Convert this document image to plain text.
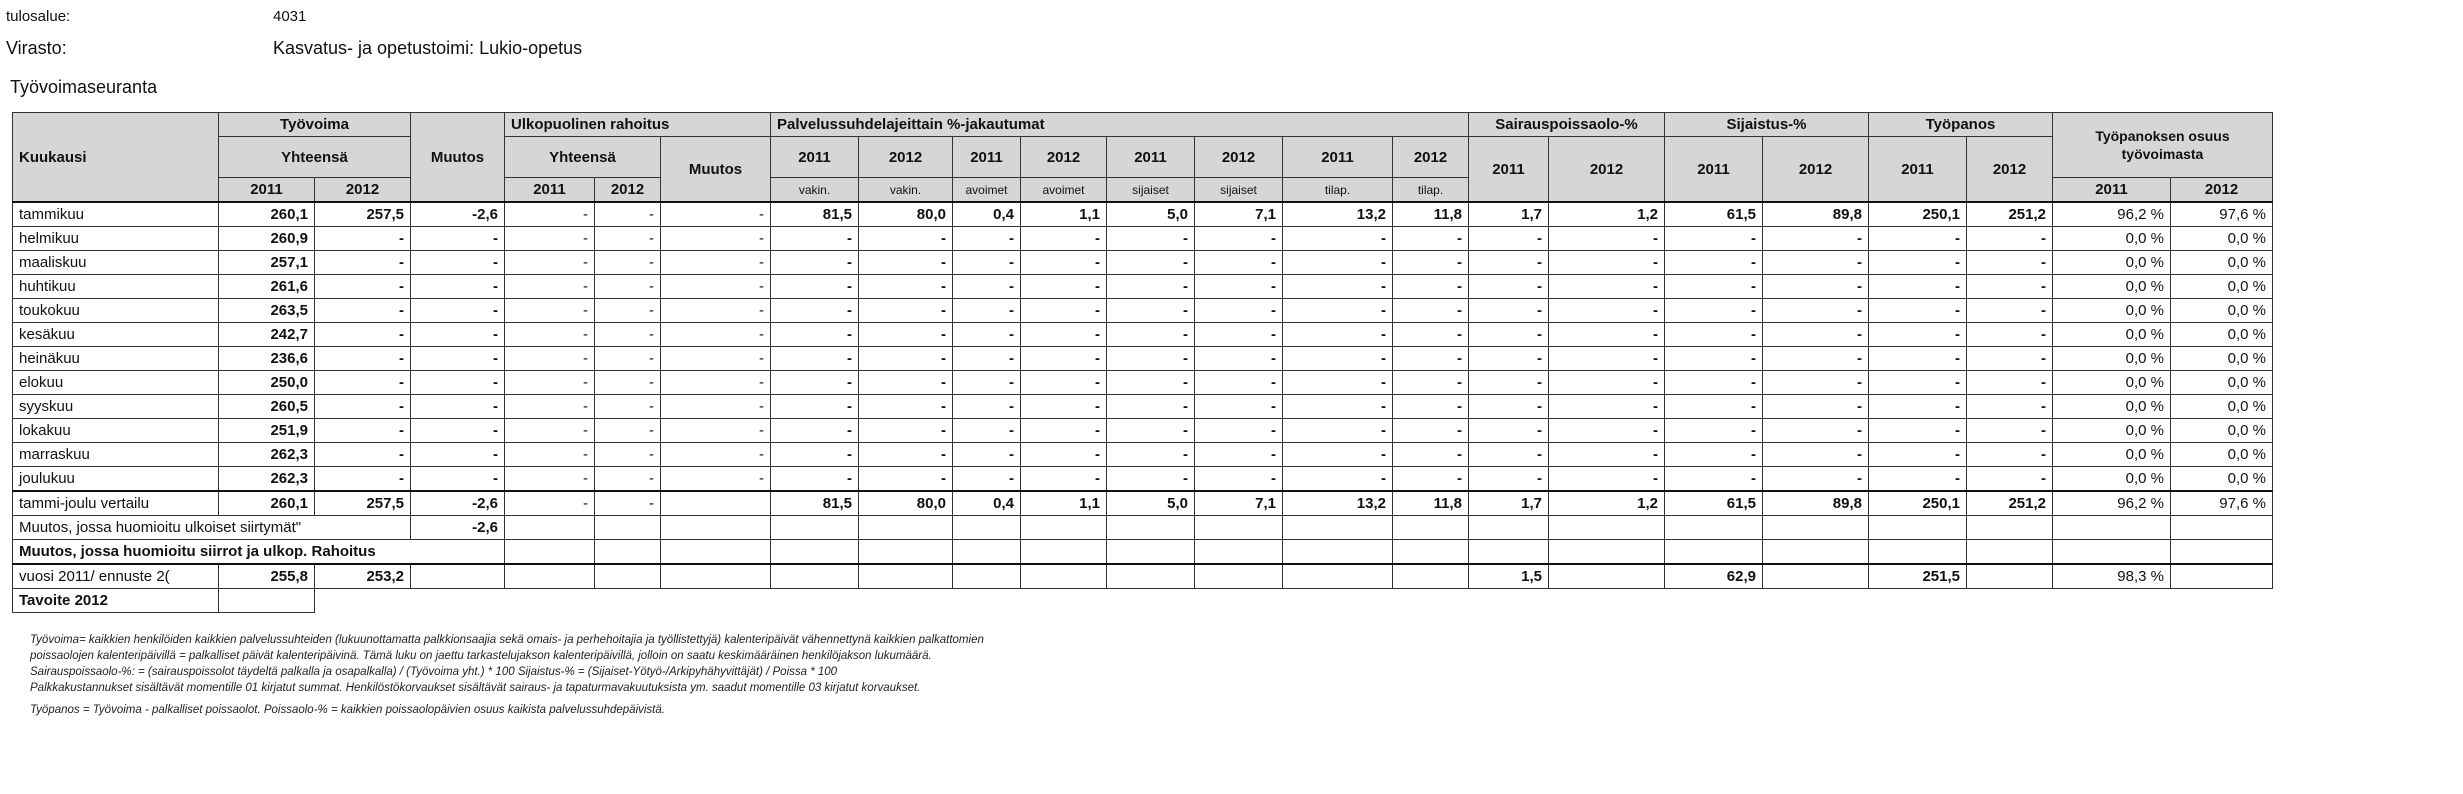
tulosalue:	4031
Virasto:	Kasvatus- ja opetustoimi: Lukio-opetus
Työvoimaseuranta
Kuukausi	Työvoima		Muutos	Ulkopuolinen rahoitus			Palvelussuhdelajeittain %-jakautumat								Sairauspoissaolo-%		Sijaistus-%		Työpanos		Työpanoksen osuus työvoimasta	
	Yhteensä			Yhteensä		Muutos	2011	2012	2011	2012	2011	2012	2011	2012	2011	2012	2011	2012	2011	2012		
	2011	2012		2011	2012		vakin.	vakin.	avoimet	avoimet	sijaiset	sijaiset	tilap.	tilap.							2011	2012
tammikuu	260,1	257,5	-2,6	-	-	-	81,5	80,0	0,4	1,1	5,0	7,1	13,2	11,8	1,7	1,2	61,5	89,8	250,1	251,2	96,2 %	97,6 %
helmikuu	260,9	-	-	-	-	-	-	-	-	-	-	-	-	-	-	-	-	-	-	-	0,0 %	0,0 %
maaliskuu	257,1	-	-	-	-	-	-	-	-	-	-	-	-	-	-	-	-	-	-	-	0,0 %	0,0 %
huhtikuu	261,6	-	-	-	-	-	-	-	-	-	-	-	-	-	-	-	-	-	-	-	0,0 %	0,0 %
toukokuu	263,5	-	-	-	-	-	-	-	-	-	-	-	-	-	-	-	-	-	-	-	0,0 %	0,0 %
kesäkuu	242,7	-	-	-	-	-	-	-	-	-	-	-	-	-	-	-	-	-	-	-	0,0 %	0,0 %
heinäkuu	236,6	-	-	-	-	-	-	-	-	-	-	-	-	-	-	-	-	-	-	-	0,0 %	0,0 %
elokuu	250,0	-	-	-	-	-	-	-	-	-	-	-	-	-	-	-	-	-	-	-	0,0 %	0,0 %
syyskuu	260,5	-	-	-	-	-	-	-	-	-	-	-	-	-	-	-	-	-	-	-	0,0 %	0,0 %
lokakuu	251,9	-	-	-	-	-	-	-	-	-	-	-	-	-	-	-	-	-	-	-	0,0 %	0,0 %
marraskuu	262,3	-	-	-	-	-	-	-	-	-	-	-	-	-	-	-	-	-	-	-	0,0 %	0,0 %
joulukuu	262,3	-	-	-	-	-	-	-	-	-	-	-	-	-	-	-	-	-	-	-	0,0 %	0,0 %
tammi-joulu vertailu	260,1	257,5	-2,6	-	-		81,5	80,0	0,4	1,1	5,0	7,1	13,2	11,8	1,7	1,2	61,5	89,8	250,1	251,2	96,2 %	97,6 %
Muutos, jossa huomioitu ulkoiset siirtymät"			-2,6																			
Muutos, jossa huomioitu siirrot ja ulkop. Rahoitus																						
vuosi 2011/ ennuste 2(	255,8	253,2													1,5		62,9		251,5		98,3 %	
Tavoite 2012																						
Työvoima= kaikkien henkilöiden kaikkien palvelussuhteiden (lukuunottamatta palkkionsaajia sekä omais- ja perhehoitajia ja työllistettyjä) kalenteripäivät vähennettynä kaikkien palkattomien
poissaolojen kalenteripäivillä = palkalliset päivät kalenteripäivinä. Tämä luku on jaettu tarkastelujakson kalenteripäivillä, jolloin on saatu keskimääräinen henkilöjakson lukumäärä.
Sairauspoissaolo-%: = (sairauspoissolot täydeltä palkalla ja osapalkalla) / (Työvoima yht.) * 100 Sijaistus-% = (Sijaiset-Yötyö-/Arkipyhähyvittäjät) / Poissa * 100
Palkkakustannukset sisältävät momentille 01 kirjatut summat. Henkilöstökorvaukset sisältävät sairaus- ja tapaturmavakuutuksista ym. saadut momentille 03 kirjatut korvaukset.
Työpanos = Työvoima - palkalliset poissaolot. Poissaolo-% = kaikkien poissaolopäivien osuus kaikista palvelussuhdepäivistä.
